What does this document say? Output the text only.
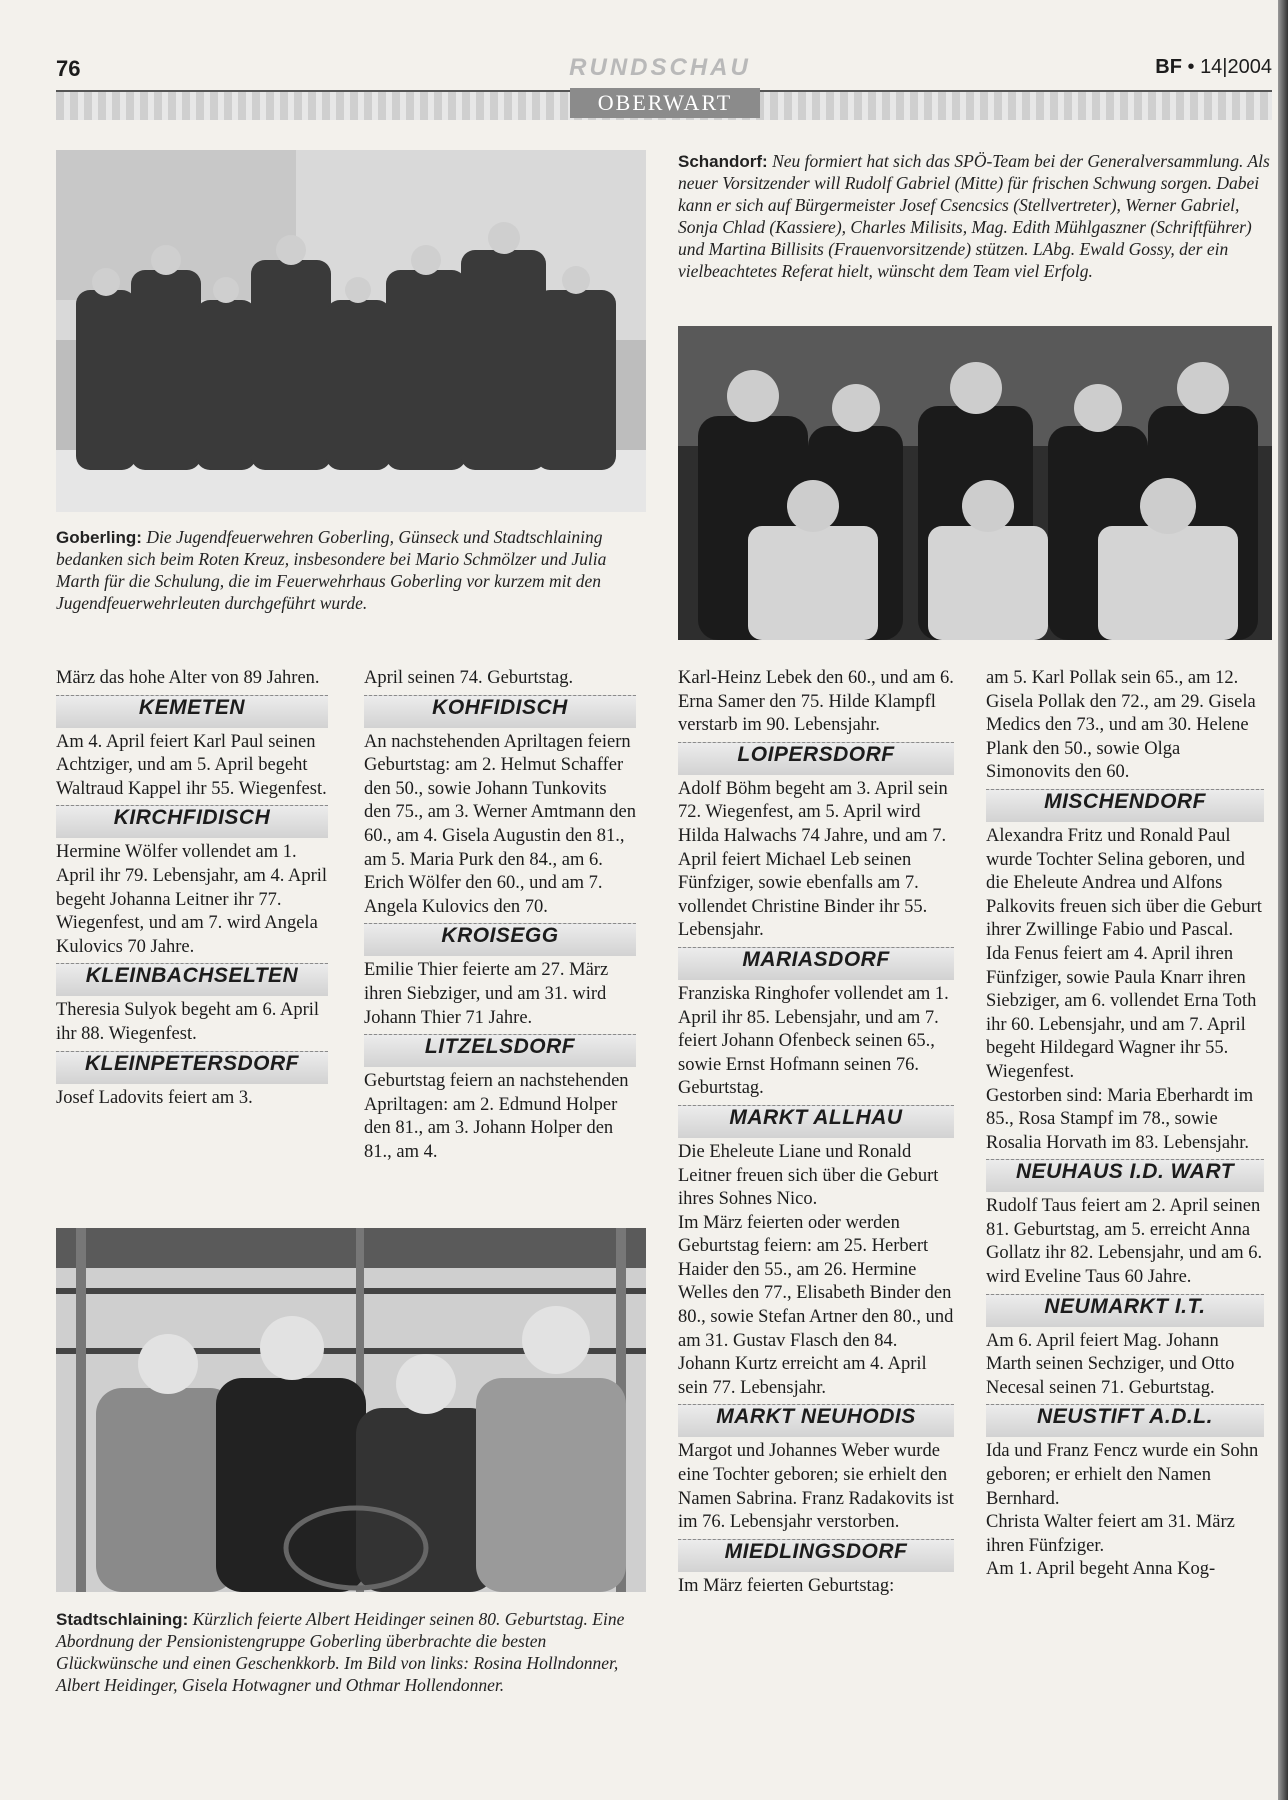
76	RUNDSCHAU	BF • 14|2004
OBERWART
Goberling: Die Jugendfeuerwehren Goberling, Günseck und Stadtschlaining bedanken sich beim Roten Kreuz, insbesondere bei Mario Schmölzer und Julia Marth für die Schulung, die im Feuerwehrhaus Goberling vor kurzem mit den Jugendfeuerwehrleuten durchgeführt wurde.
Schandorf: Neu formiert hat sich das SPÖ-Team bei der Generalversammlung. Als neuer Vorsitzender will Rudolf Gabriel (Mitte) für frischen Schwung sorgen. Dabei kann er sich auf Bürgermeister Josef Csencsics (Stellvertreter), Werner Gabriel, Sonja Chlad (Kassiere), Charles Milisits, Mag. Edith Mühlgaszner (Schriftführer) und Martina Billisits (Frauenvorsitzende) stützen. LAbg. Ewald Gossy, der ein vielbeachtetes Referat hielt, wünscht dem Team viel Erfolg.

März das hohe Alter von 89 Jahren.

KEMETEN

Am 4. April feiert Karl Paul seinen Achtziger, und am 5. April begeht Waltraud Kappel ihr 55. Wiegenfest.

KIRCHFIDISCH

Hermine Wölfer vollendet am 1. April ihr 79. Lebensjahr, am 4. April begeht Johanna Leitner ihr 77. Wiegenfest, und am 7. wird Angela Kulovics 70 Jahre.

KLEINBACHSELTEN

Theresia Sulyok begeht am 6. April ihr 88. Wiegenfest.

KLEINPETERSDORF

Josef Ladovits feiert am 3.

April seinen 74. Geburtstag.

KOHFIDISCH

An nachstehenden Apriltagen feiern Geburtstag: am 2. Helmut Schaffer den 50., sowie Johann Tunkovits den 75., am 3. Werner Amtmann den 60., am 4. Gisela Augustin den 81., am 5. Maria Purk den 84., am 6. Erich Wölfer den 60., und am 7. Angela Kulovics den 70.

KROISEGG

Emilie Thier feierte am 27. März ihren Siebziger, und am 31. wird Johann Thier 71 Jahre.

LITZELSDORF

Geburtstag feiern an nachstehenden Apriltagen: am 2. Edmund Holper den 81., am 3. Johann Holper den 81., am 4.

Stadtschlaining: Kürzlich feierte Albert Heidinger seinen 80. Geburtstag. Eine Abordnung der Pensionistengruppe Goberling überbrachte die besten Glückwünsche und einen Geschenkkorb. Im Bild von links: Rosina Hollndonner, Albert Heidinger, Gisela Hotwagner und Othmar Hollendonner.

Karl-Heinz Lebek den 60., und am 6. Erna Samer den 75. Hilde Klampfl verstarb im 90. Lebensjahr.

LOIPERSDORF

Adolf Böhm begeht am 3. April sein 72. Wiegenfest, am 5. April wird Hilda Halwachs 74 Jahre, und am 7. April feiert Michael Leb seinen Fünfziger, sowie ebenfalls am 7. vollendet Christine Binder ihr 55. Lebensjahr.

MARIASDORF

Franziska Ringhofer vollendet am 1. April ihr 85. Lebensjahr, und am 7. feiert Johann Ofenbeck seinen 65., sowie Ernst Hofmann seinen 76. Geburtstag.

MARKT ALLHAU

Die Eheleute Liane und Ronald Leitner freuen sich über die Geburt ihres Sohnes Nico.

Im März feierten oder werden Geburtstag feiern: am 25. Herbert Haider den 55., am 26. Hermine Welles den 77., Elisabeth Binder den 80., sowie Stefan Artner den 80., und am 31. Gustav Flasch den 84. Johann Kurtz erreicht am 4. April sein 77. Lebensjahr.

MARKT NEUHODIS

Margot und Johannes Weber wurde eine Tochter geboren; sie erhielt den Namen Sabrina. Franz Radakovits ist im 76. Lebensjahr verstorben.

MIEDLINGSDORF

Im März feierten Geburtstag:

am 5. Karl Pollak sein 65., am 12. Gisela Pollak den 72., am 29. Gisela Medics den 73., und am 30. Helene Plank den 50., sowie Olga Simonovits den 60.

MISCHENDORF

Alexandra Fritz und Ronald Paul wurde Tochter Selina geboren, und die Eheleute Andrea und Alfons Palkovits freuen sich über die Geburt ihrer Zwillinge Fabio und Pascal.

Ida Fenus feiert am 4. April ihren Fünfziger, sowie Paula Knarr ihren Siebziger, am 6. vollendet Erna Toth ihr 60. Lebensjahr, und am 7. April begeht Hildegard Wagner ihr 55. Wiegenfest.

Gestorben sind: Maria Eberhardt im 85., Rosa Stampf im 78., sowie Rosalia Horvath im 83. Lebensjahr.

NEUHAUS I.D. WART

Rudolf Taus feiert am 2. April seinen 81. Geburtstag, am 5. erreicht Anna Gollatz ihr 82. Lebensjahr, und am 6. wird Eveline Taus 60 Jahre.

NEUMARKT I.T.

Am 6. April feiert Mag. Johann Marth seinen Sechziger, und Otto Necesal seinen 71. Geburtstag.

NEUSTIFT A.D.L.

Ida und Franz Fencz wurde ein Sohn geboren; er erhielt den Namen Bernhard.

Christa Walter feiert am 31. März ihren Fünfziger.

Am 1. April begeht Anna Kog-
